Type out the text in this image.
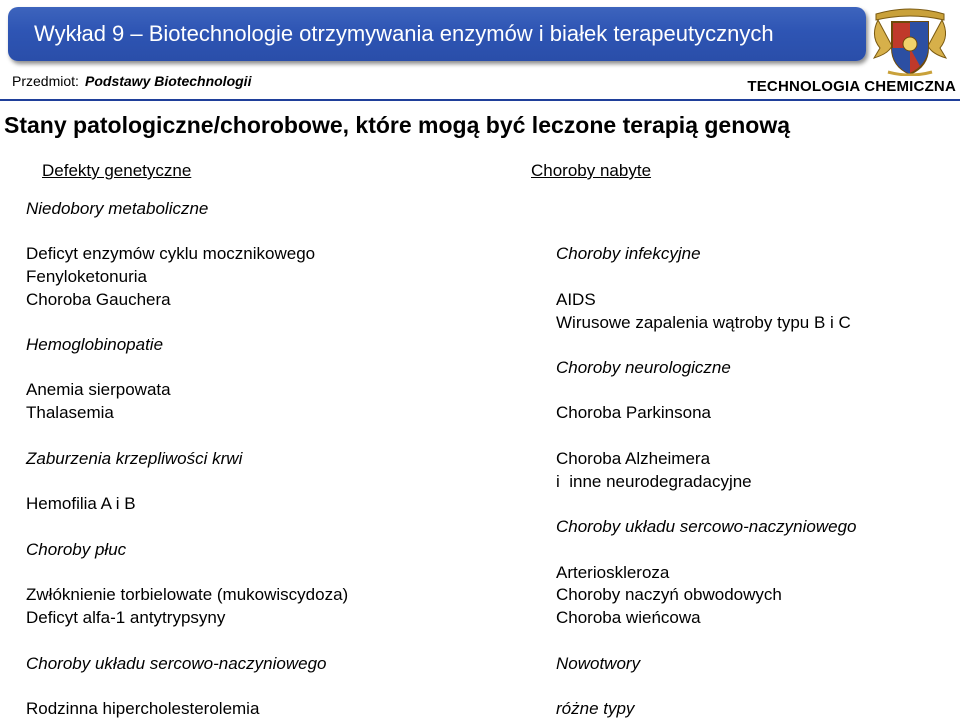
Wykład 9 – Biotechnologie otrzymywania enzymów i białek terapeutycznych
Przedmiot: Podstawy Biotechnologii	TECHNOLOGIA CHEMICZNA
Stany patologiczne/chorobowe, które mogą być leczone terapią genową
Defekty genetyczne	Choroby nabyte
Niedobory metaboliczne
Deficyt enzymów cyklu mocznikowego
Fenyloketonuria
Choroba Gauchera
Hemoglobinopatie
Anemia sierpowata
Thalasemia
Zaburzenia krzepliwości krwi
Hemofilia A i B
Choroby płuc
Zwłóknienie torbielowate (mukowiscydoza)
Deficyt alfa-1 antytrypsyny
Choroby układu sercowo-naczyniowego
Rodzinna hipercholesterolemia
Choroby infekcyjne
AIDS
Wirusowe zapalenia wątroby typu B i C
Choroby neurologiczne
Choroba Parkinsona
Choroba Alzheimera
i  inne neurodegradacyjne
Choroby układu sercowo-naczyniowego
Arterioskleroza
Choroby naczyń obwodowych
Choroba wieńcowa
Nowotwory
różne typy
